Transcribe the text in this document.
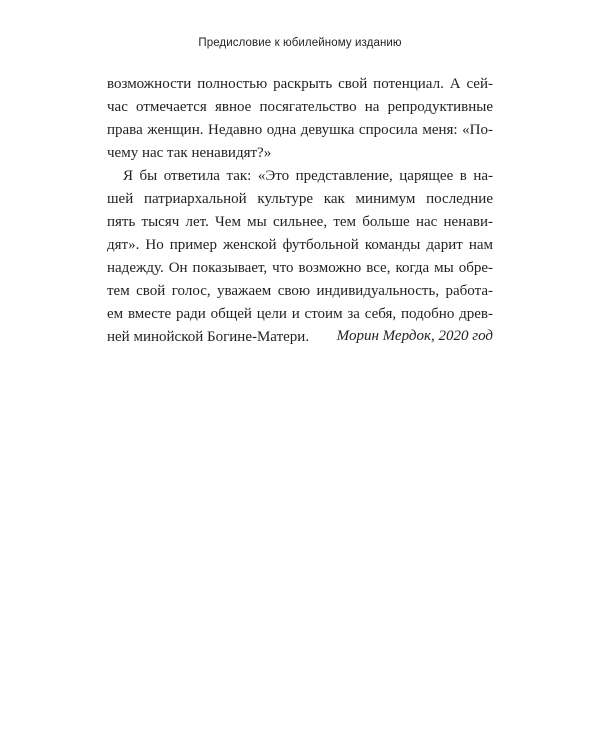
Предисловие к юбилейному изданию
возможности полностью раскрыть свой потенциал. А сей-
час отмечается явное посягательство на репродуктивные
права женщин. Недавно одна девушка спросила меня: «По-
чему нас так ненавидят?»
Я бы ответила так: «Это представление, царящее в на-
шей патриархальной культуре как минимум последние
пять тысяч лет. Чем мы сильнее, тем больше нас ненави-
дят». Но пример женской футбольной команды дарит нам
надежду. Он показывает, что возможно все, когда мы обре-
тем свой голос, уважаем свою индивидуальность, работа-
ем вместе ради общей цели и стоим за себя, подобно древ-
ней минойской Богине-Матери. Морин Мердок, 2020 год
